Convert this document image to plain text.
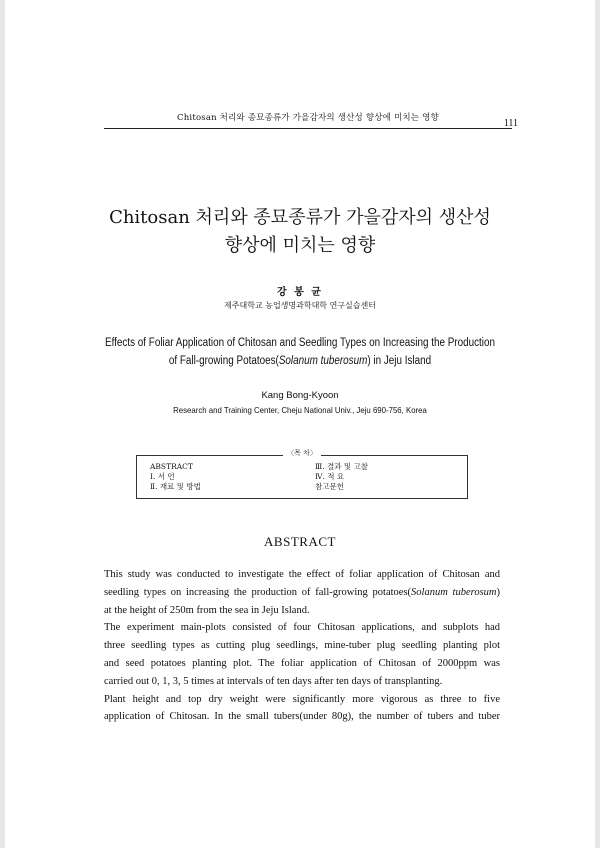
Chitosan 처리와 종묘종류가 가을감자의 생산성 향상에 미치는 영향	111
Chitosan 처리와 종묘종류가 가을감자의 생산성
향상에 미치는 영향
강 봉 균
제주대학교 농업생명과학대학 연구실습센터
Effects of Foliar Application of Chitosan and Seedling Types on Increasing the Production
of Fall-growing Potatoes(Solanum tuberosum) in Jeju Island
Kang Bong-Kyoon
Research and Training Center, Cheju National Univ., Jeju 690-756, Korea
〈목 차〉
ABSTRACT
Ⅰ. 서 언
Ⅱ. 재료 및 방법
Ⅲ. 결과 및 고찰
Ⅳ. 적 요
참고문헌
ABSTRACT
This study was conducted to investigate the effect of foliar application of Chitosan and
seedling types on increasing the production of fall-growing potatoes(Solanum tuberosum)
at the height of 250m from the sea in Jeju Island.
The experiment main-plots consisted of four Chitosan applications, and subplots had
three seedling types as cutting plug seedlings, mine-tuber plug seedling planting plot
and seed potatoes planting plot. The foliar application of Chitosan of 2000ppm was
carried out 0, 1, 3, 5 times at intervals of ten days after ten days of transplanting.
Plant height and top dry weight were significantly more vigorous as three to five
application of Chitosan. In the small tubers(under 80g), the number of tubers and tuber
